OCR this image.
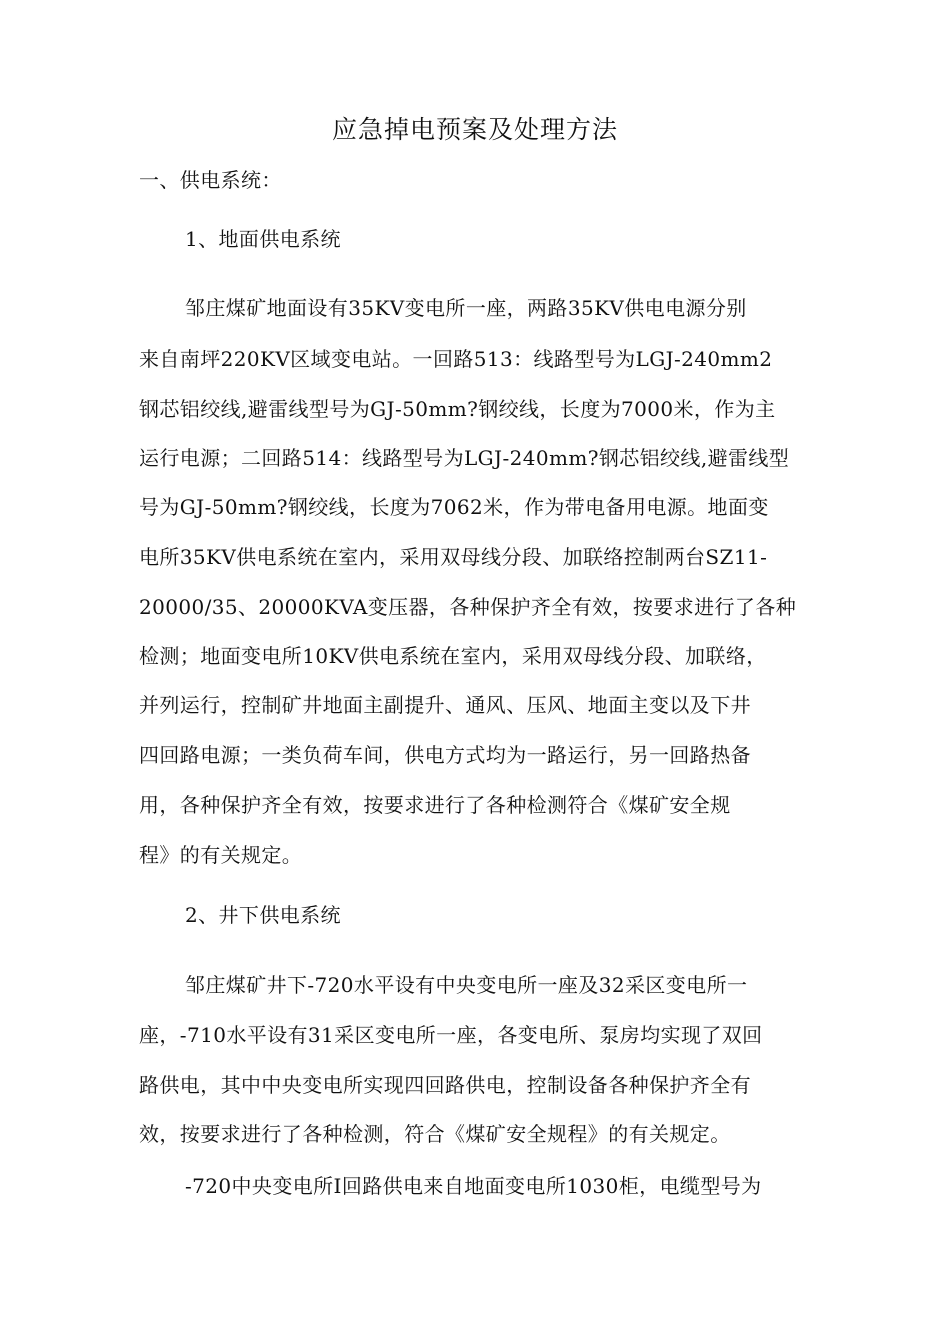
应急掉电预案及处理方法
一、供电系统：
1、地面供电系统
邹庄煤矿地面设有35KV变电所一座，两路35KV供电电源分别
来自南坪220KV区域变电站。一回路513：线路型号为LGJ-240mm2
钢芯铝绞线,避雷线型号为GJ-50mm?钢绞线，长度为7000米，作为主
运行电源；二回路514：线路型号为LGJ-240mm?钢芯铝绞线,避雷线型
号为GJ-50mm?钢绞线，长度为7062米，作为带电备用电源。地面变
电所35KV供电系统在室内，采用双母线分段、加联络控制两台SZ11-
20000/35、20000KVA变压器，各种保护齐全有效，按要求进行了各种
检测；地面变电所10KV供电系统在室内，采用双母线分段、加联络，
并列运行，控制矿井地面主副提升、通风、压风、地面主变以及下井
四回路电源；一类负荷车间，供电方式均为一路运行，另一回路热备
用，各种保护齐全有效，按要求进行了各种检测符合《煤矿安全规
程》的有关规定。
2、井下供电系统
邹庄煤矿井下-720水平设有中央变电所一座及32采区变电所一
座，-710水平设有31采区变电所一座，各变电所、泵房均实现了双回
路供电，其中中央变电所实现四回路供电，控制设备各种保护齐全有
效，按要求进行了各种检测，符合《煤矿安全规程》的有关规定。
-720中央变电所Ⅰ回路供电来自地面变电所1030柜，电缆型号为
